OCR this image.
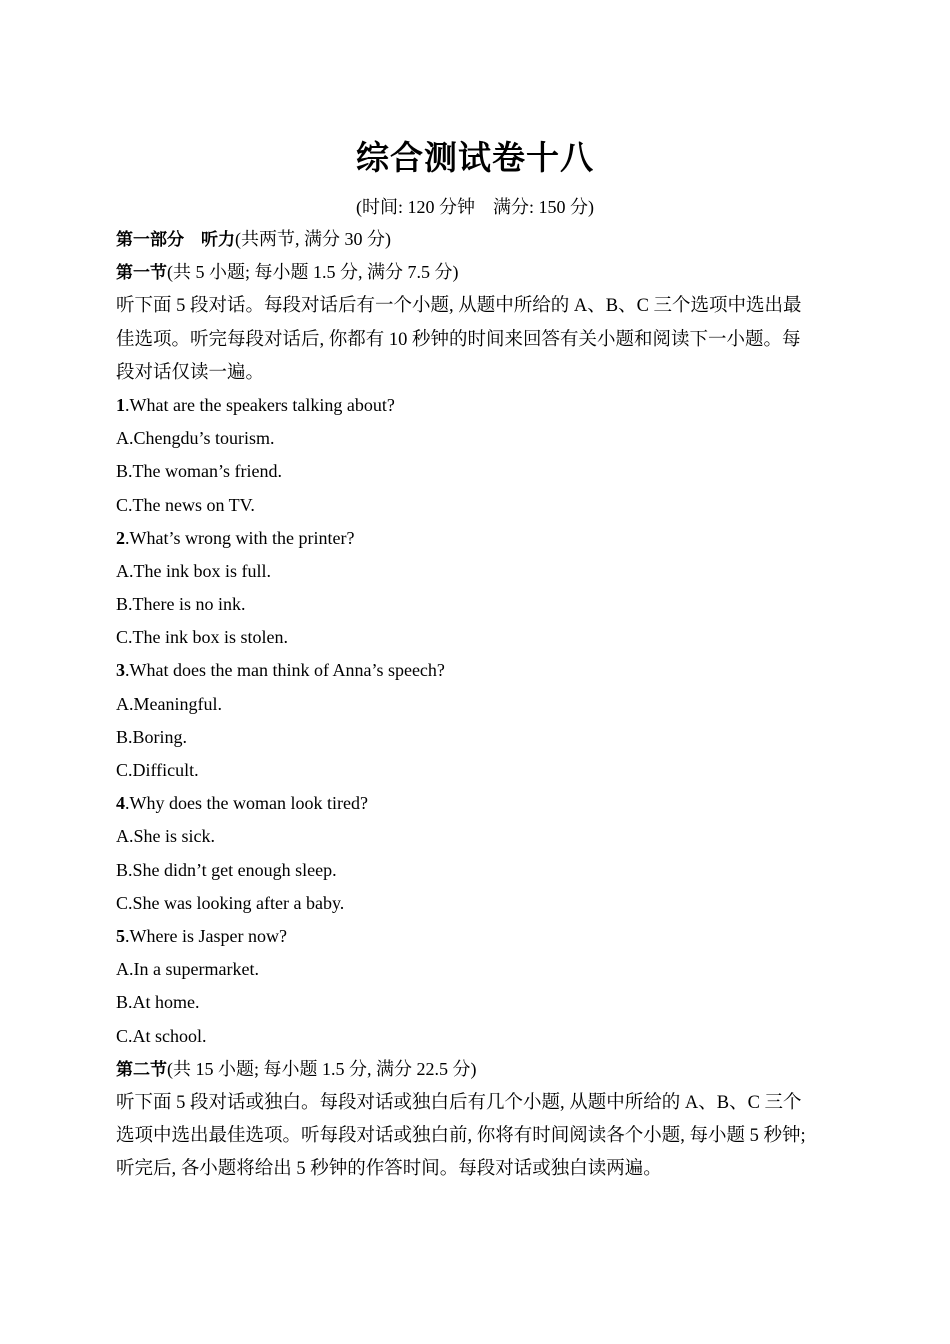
综合测试卷十八
(时间: 120 分钟    满分: 150 分)
第一部分　听力(共两节, 满分 30 分)
第一节(共 5 小题; 每小题 1.5 分, 满分 7.5 分)
听下面 5 段对话。每段对话后有一个小题, 从题中所给的 A、B、C 三个选项中选出最
佳选项。听完每段对话后, 你都有 10 秒钟的时间来回答有关小题和阅读下一小题。每
段对话仅读一遍。
1.What are the speakers talking about?
A.Chengdu’s tourism.
B.The woman’s friend.
C.The news on TV.
2.What’s wrong with the printer?
A.The ink box is full.
B.There is no ink.
C.The ink box is stolen.
3.What does the man think of Anna’s speech?
A.Meaningful.
B.Boring.
C.Difficult.
4.Why does the woman look tired?
A.She is sick.
B.She didn’t get enough sleep.
C.She was looking after a baby.
5.Where is Jasper now?
A.In a supermarket.
B.At home.
C.At school.
第二节(共 15 小题; 每小题 1.5 分, 满分 22.5 分)
听下面 5 段对话或独白。每段对话或独白后有几个小题, 从题中所给的 A、B、C 三个
选项中选出最佳选项。听每段对话或独白前, 你将有时间阅读各个小题, 每小题 5 秒钟;
听完后, 各小题将给出 5 秒钟的作答时间。每段对话或独白读两遍。
